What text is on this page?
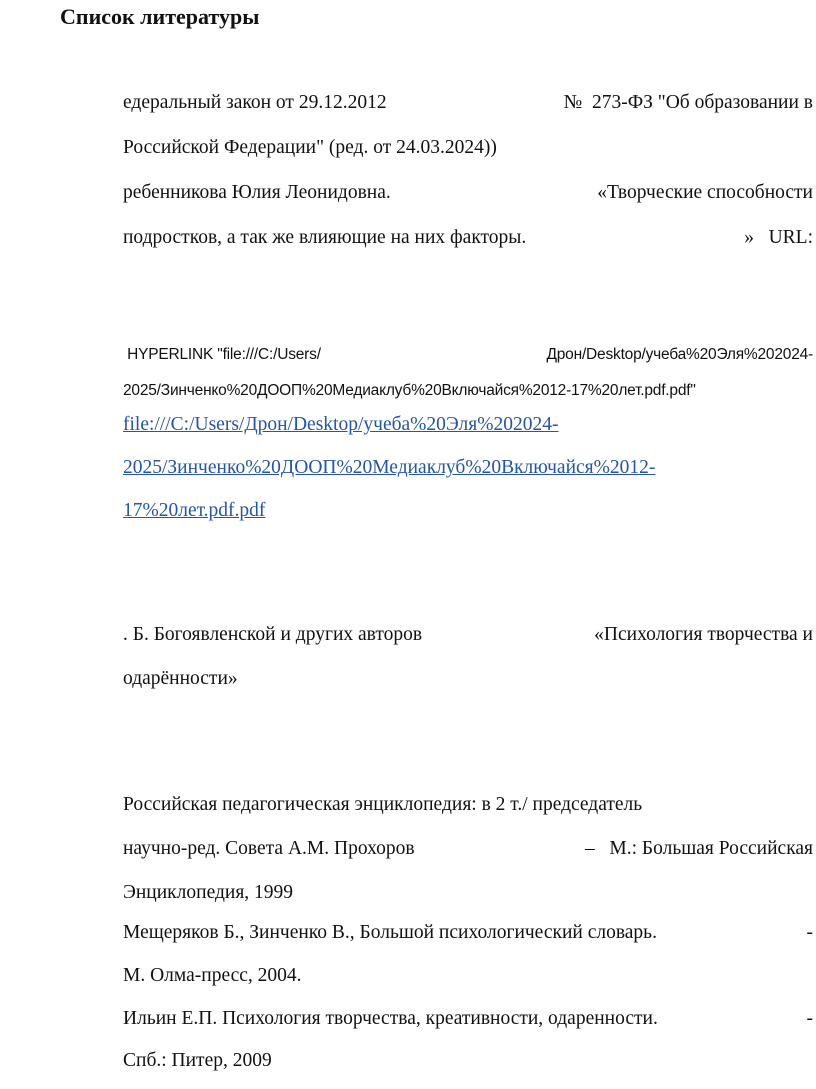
Список литературы
едеральный закон от 29.12.2012	№  273-ФЗ "Об образовании в
Российской Федерации" (ред. от 24.03.2024))
ребенникова Юлия Леонидовна.	«Творческие способности
подростков, а так же влияющие на них факторы.	»   URL:
HYPERLINK "file:///C:/Users/	Дрон/Desktop/учеба%20Эля%202024-
2025/Зинченко%20ДООП%20Медиаклуб%20Включайся%2012-17%20лет.pdf.pdf"
file:///C:/Users/Дрон/Desktop/учеба%20Эля%202024-
2025/Зинченко%20ДООП%20Медиаклуб%20Включайся%2012-
17%20лет.pdf.pdf
. Б. Богоявленской и других авторов	«Психология творчества и
одарённости»
Российская педагогическая энциклопедия: в 2 т./ председатель
научно-ред. Совета А.М. Прохоров	–   М.: Большая Российская
Энциклопедия, 1999
Мещеряков Б., Зинченко В., Большой психологический словарь.	-
М. Олма-пресс, 2004.
Ильин Е.П. Психология творчества, креативности, одаренности.	-
Спб.: Питер, 2009
